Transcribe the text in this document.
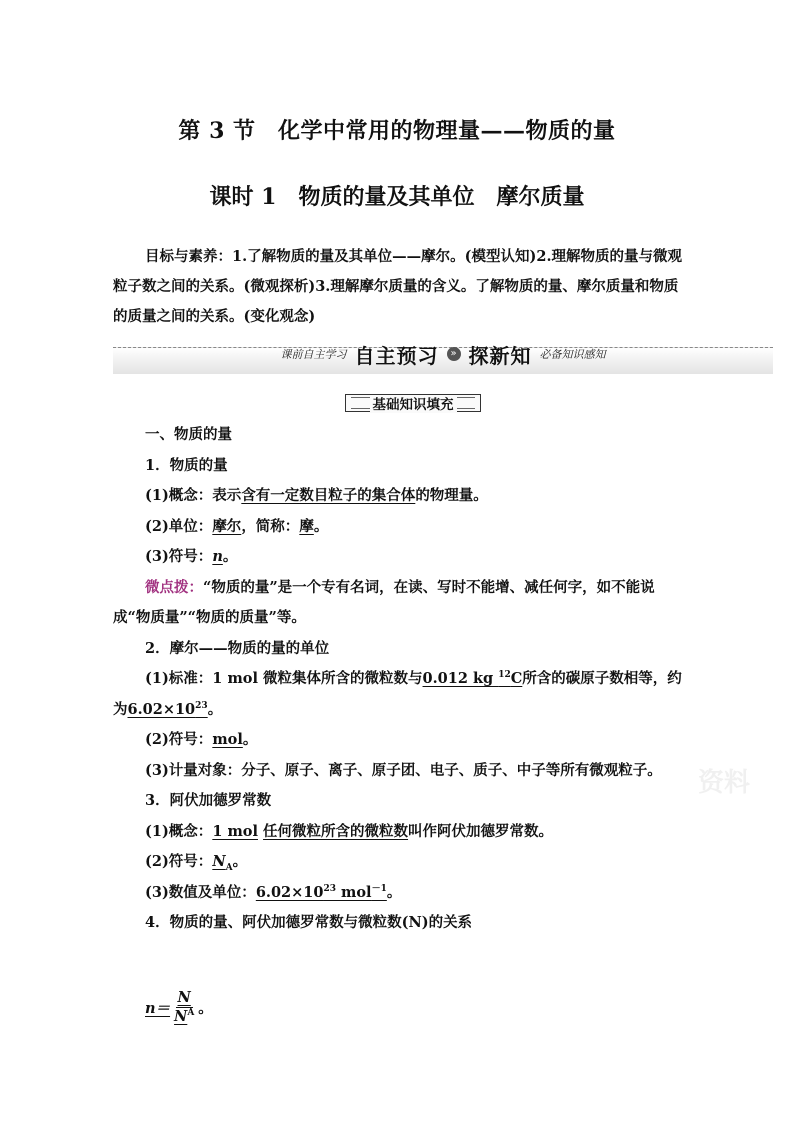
第 3 节　化学中常用的物理量——物质的量
课时 1　物质的量及其单位　摩尔质量
目标与素养：1.了解物质的量及其单位——摩尔。(模型认知)2.理解物质的量与微观粒子数之间的关系。(微观探析)3.理解摩尔质量的含义。了解物质的量、摩尔质量和物质的质量之间的关系。(变化观念)
课前自主学习 自主预习	» 探新知 必备知识感知
基础知识填充

一、物质的量

1．物质的量

(1)概念：表示含有一定数目粒子的集合体的物理量。

(2)单位：摩尔，简称：摩。

(3)符号：n。

微点拨：“物质的量”是一个专有名词，在读、写时不能增、减任何字，如不能说成“物质量”“物质的质量”等。

2．摩尔——物质的量的单位

(1)标准：1 mol 微粒集体所含的微粒数与0.012 kg $^{12}$C所含的碳原子数相等，约为$6.02\times 10^{23}$。

(2)符号：mol。

(3)计量对象：分子、原子、离子、原子团、电子、质子、中子等所有微观粒子。

3．阿伏加德罗常数

(1)概念：1 mol 任何微粒所含的微粒数叫作阿伏加德罗常数。

(2)符号：$N_A$。

(3)数值及单位：$6.02\times 10^{23}$ mol$^{-1}$。

4．物质的量、阿伏加德罗常数与微粒数(N)的关系

$n= \frac{N}{N^A}$ 。
资料
